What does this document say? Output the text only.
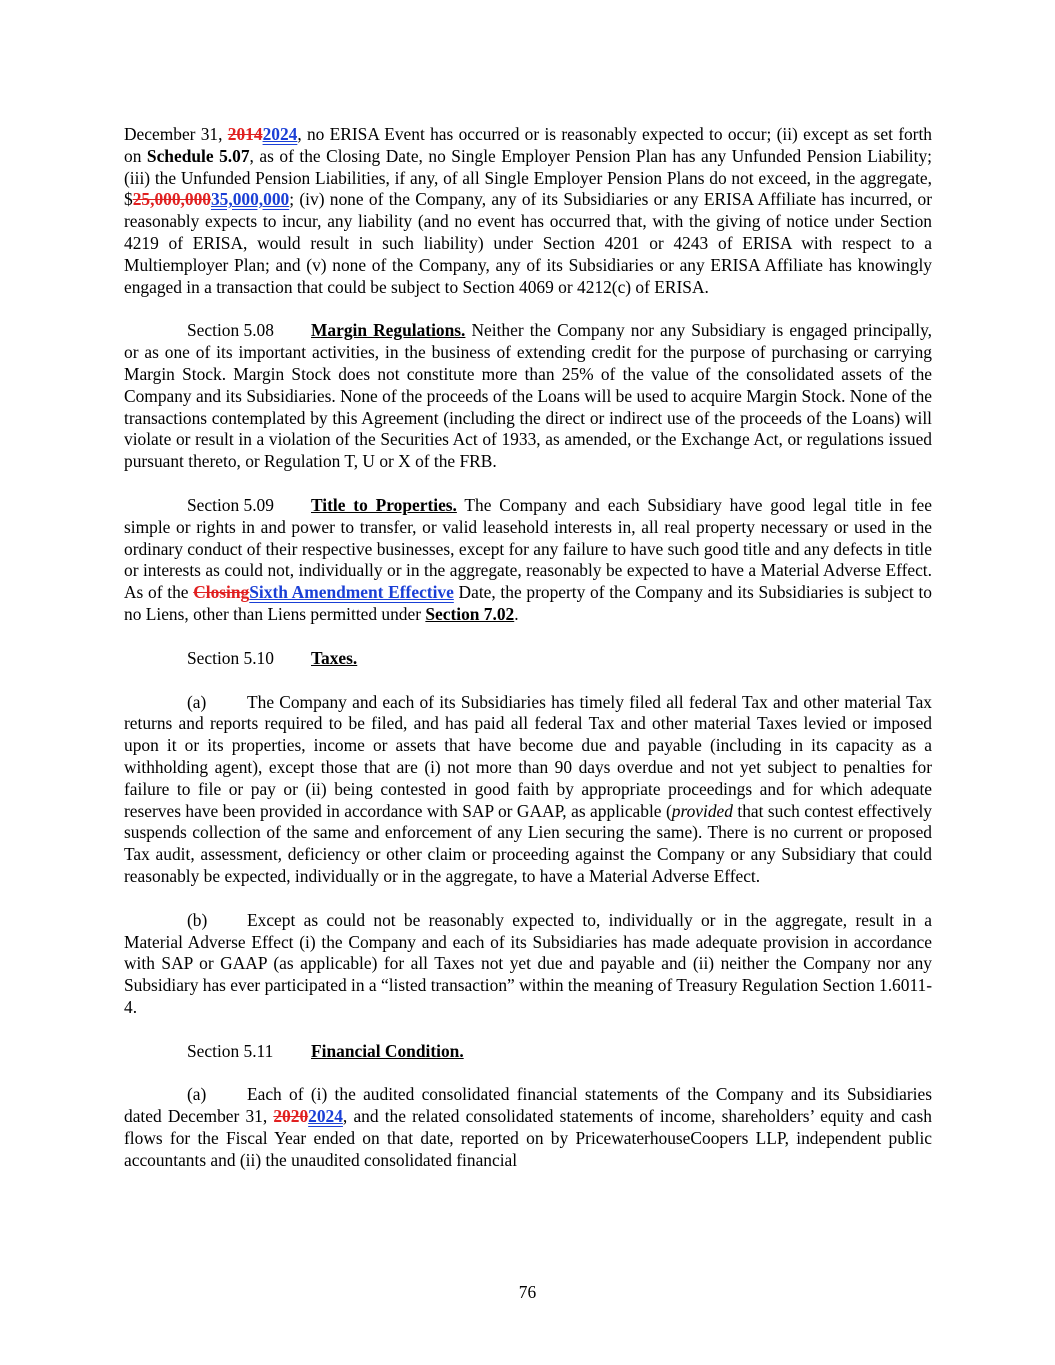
December 31, 20142024, no ERISA Event has occurred or is reasonably expected to occur; (ii) except as set forth on Schedule 5.07, as of the Closing Date, no Single Employer Pension Plan has any Unfunded Pension Liability; (iii) the Unfunded Pension Liabilities, if any, of all Single Employer Pension Plans do not exceed, in the aggregate, $25,000,00035,000,000; (iv) none of the Company, any of its Subsidiaries or any ERISA Affiliate has incurred, or reasonably expects to incur, any liability (and no event has occurred that, with the giving of notice under Section 4219 of ERISA, would result in such liability) under Section 4201 or 4243 of ERISA with respect to a Multiemployer Plan; and (v) none of the Company, any of its Subsidiaries or any ERISA Affiliate has knowingly engaged in a transaction that could be subject to Section 4069 or 4212(c) of ERISA.

Section 5.08 Margin Regulations. Neither the Company nor any Subsidiary is engaged principally, or as one of its important activities, in the business of extending credit for the purpose of purchasing or carrying Margin Stock. Margin Stock does not constitute more than 25% of the value of the consolidated assets of the Company and its Subsidiaries. None of the proceeds of the Loans will be used to acquire Margin Stock. None of the transactions contemplated by this Agreement (including the direct or indirect use of the proceeds of the Loans) will violate or result in a violation of the Securities Act of 1933, as amended, or the Exchange Act, or regulations issued pursuant thereto, or Regulation T, U or X of the FRB.

Section 5.09 Title to Properties. The Company and each Subsidiary have good legal title in fee simple or rights in and power to transfer, or valid leasehold interests in, all real property necessary or used in the ordinary conduct of their respective businesses, except for any failure to have such good title and any defects in title or interests as could not, individually or in the aggregate, reasonably be expected to have a Material Adverse Effect. As of the ClosingSixth Amendment Effective Date, the property of the Company and its Subsidiaries is subject to no Liens, other than Liens permitted under Section 7.02.

Section 5.10 Taxes.

(a) The Company and each of its Subsidiaries has timely filed all federal Tax and other material Tax returns and reports required to be filed, and has paid all federal Tax and other material Taxes levied or imposed upon it or its properties, income or assets that have become due and payable (including in its capacity as a withholding agent), except those that are (i) not more than 90 days overdue and not yet subject to penalties for failure to file or pay or (ii) being contested in good faith by appropriate proceedings and for which adequate reserves have been provided in accordance with SAP or GAAP, as applicable (provided that such contest effectively suspends collection of the same and enforcement of any Lien securing the same). There is no current or proposed Tax audit, assessment, deficiency or other claim or proceeding against the Company or any Subsidiary that could reasonably be expected, individually or in the aggregate, to have a Material Adverse Effect.

(b) Except as could not be reasonably expected to, individually or in the aggregate, result in a Material Adverse Effect (i) the Company and each of its Subsidiaries has made adequate provision in accordance with SAP or GAAP (as applicable) for all Taxes not yet due and payable and (ii) neither the Company nor any Subsidiary has ever participated in a “listed transaction” within the meaning of Treasury Regulation Section 1.6011-4.

Section 5.11 Financial Condition.

(a) Each of (i) the audited consolidated financial statements of the Company and its Subsidiaries dated December 31, 20202024, and the related consolidated statements of income, shareholders’ equity and cash flows for the Fiscal Year ended on that date, reported on by PricewaterhouseCoopers LLP, independent public accountants and (ii) the unaudited consolidated financial

76
